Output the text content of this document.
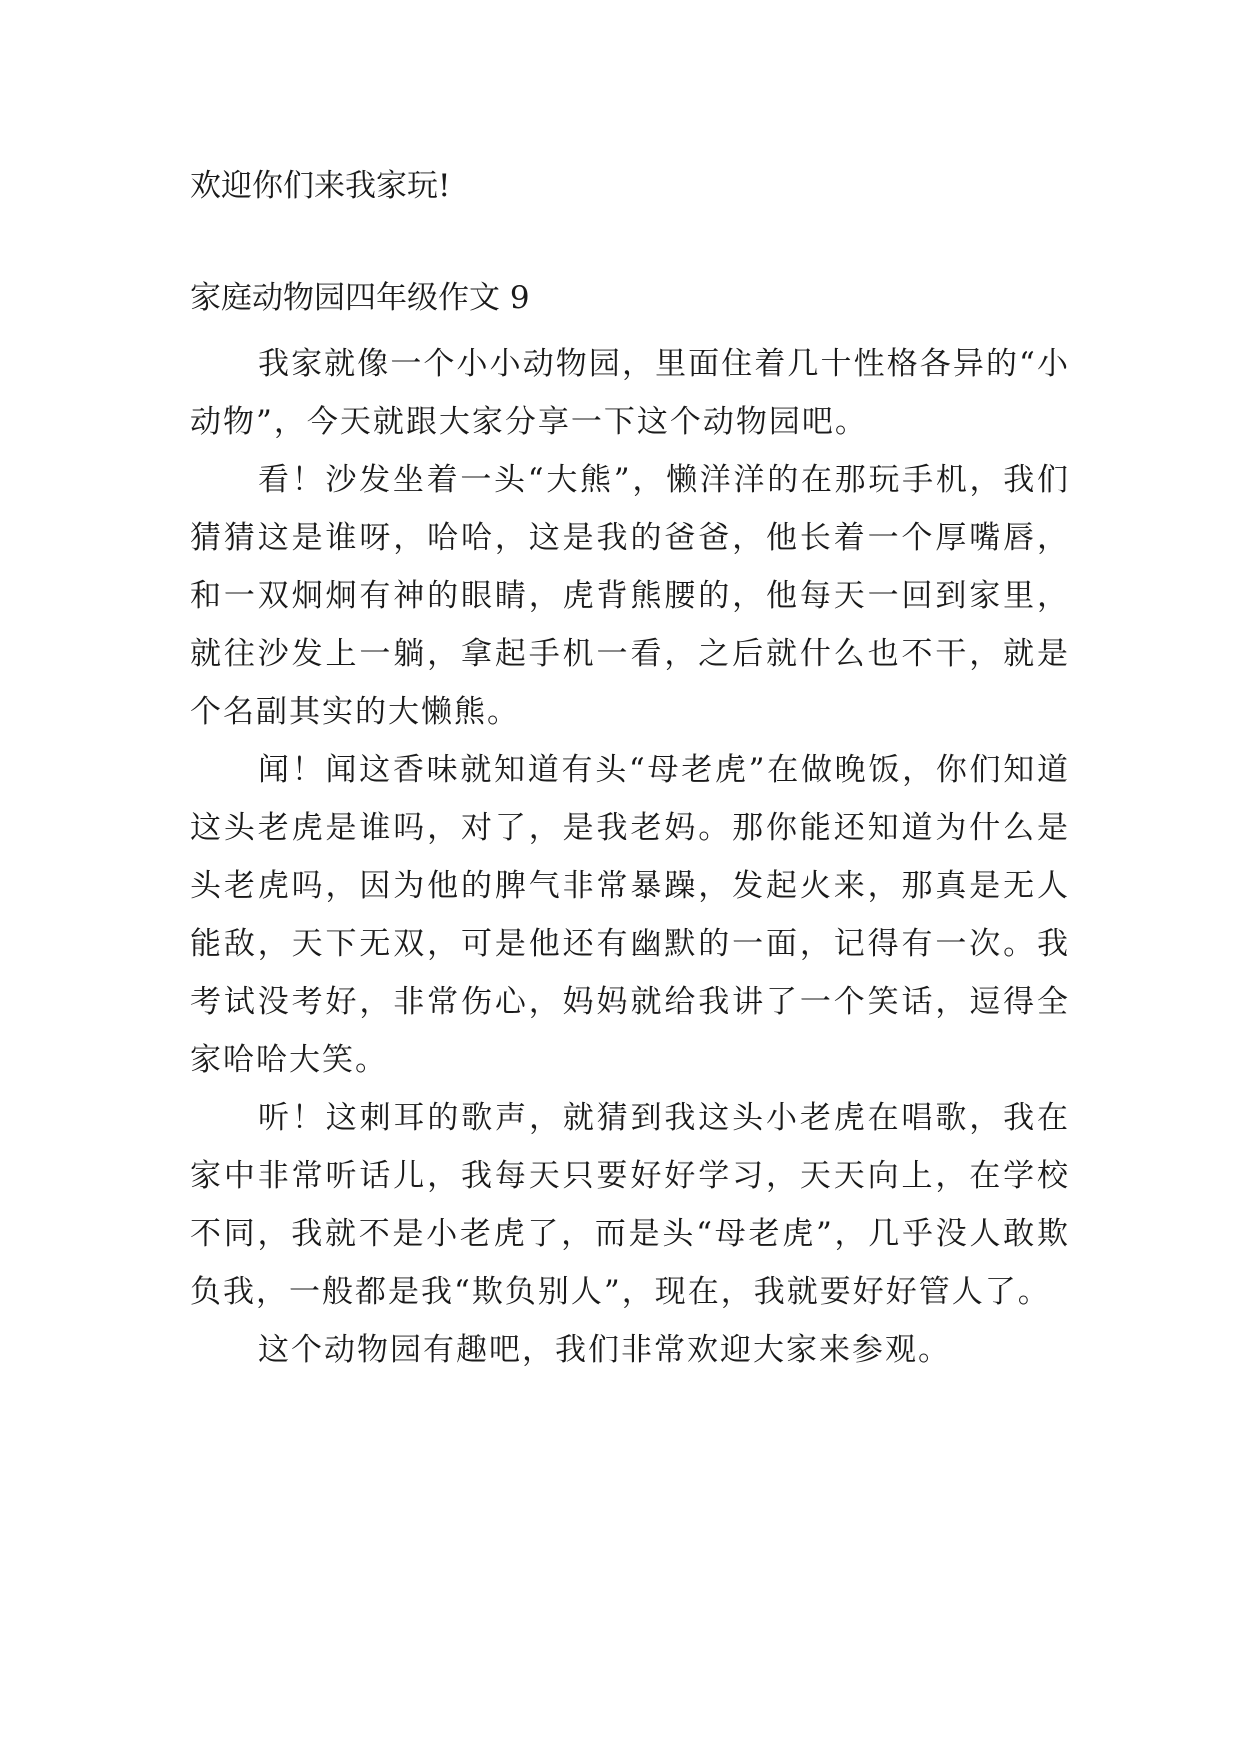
欢迎你们来我家玩!
家庭动物园四年级作文 9

我家就像一个小小动物园，里面住着几十性格各异的“小动物”，今天就跟大家分享一下这个动物园吧。

看！沙发坐着一头“大熊”，懒洋洋的在那玩手机，我们猜猜这是谁呀，哈哈，这是我的爸爸，他长着一个厚嘴唇，和一双炯炯有神的眼睛，虎背熊腰的，他每天一回到家里，就往沙发上一躺，拿起手机一看，之后就什么也不干，就是个名副其实的大懒熊。

闻！闻这香味就知道有头“母老虎”在做晚饭，你们知道这头老虎是谁吗，对了，是我老妈。那你能还知道为什么是头老虎吗，因为他的脾气非常暴躁，发起火来，那真是无人能敌，天下无双，可是他还有幽默的一面，记得有一次。我考试没考好，非常伤心，妈妈就给我讲了一个笑话，逗得全家哈哈大笑。

听！这刺耳的歌声，就猜到我这头小老虎在唱歌，我在家中非常听话儿，我每天只要好好学习，天天向上，在学校不同，我就不是小老虎了，而是头“母老虎”，几乎没人敢欺负我，一般都是我“欺负别人”，现在，我就要好好管人了。

这个动物园有趣吧，我们非常欢迎大家来参观。
